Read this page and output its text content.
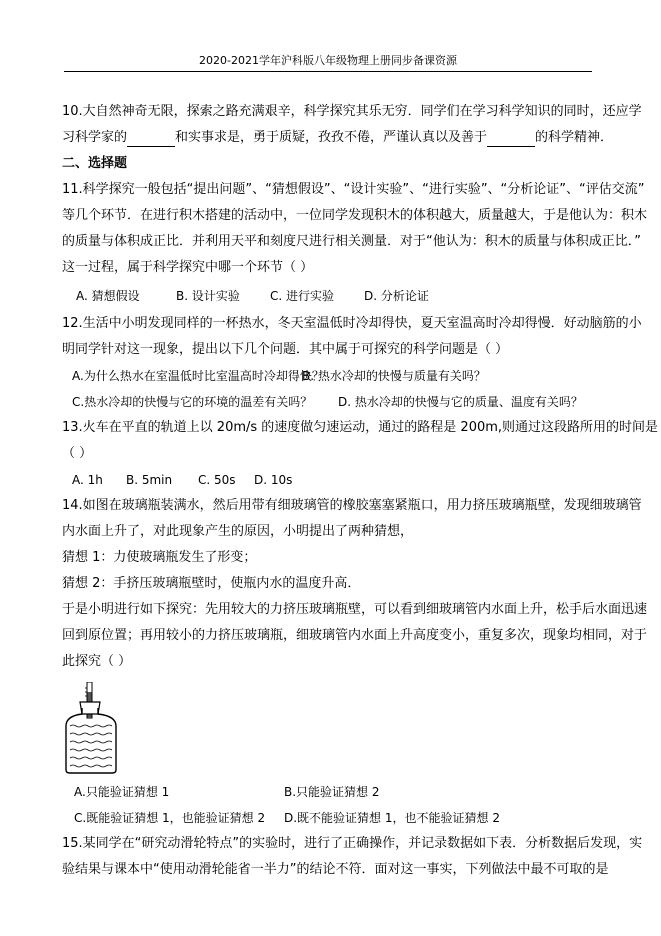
2020-2021学年沪科版八年级物理上册同步备课资源
10.大自然神奇无限，探索之路充满艰辛，科学探究其乐无穷．同学们在学习科学知识的同时，还应学
习科学家的	和实事求是，勇于质疑，孜孜不倦，严谨认真以及善于	的科学精神．
二、选择题
11.科学探究一般包括“提出问题”、“猜想假设”、“设计实验”、“进行实验”、“分析论证”、“评估交流”
等几个环节．在进行积木搭建的活动中，一位同学发现积木的体积越大，质量越大，于是他认为：积木
的质量与体积成正比．并利用天平和刻度尺进行相关测量．对于“他认为：积木的质量与体积成正比．”
这一过程，属于科学探究中哪一个环节（ ）
A. 猜想假设	B. 设计实验	C. 进行实验 D. 分析论证
12.生活中小明发现同样的一杯热水，冬天室温低时冷却得快，夏天室温高时冷却得慢．好动脑筋的小
明同学针对这一现象，提出以下几个问题．其中属于可探究的科学问题是（ ）
A.为什么热水在室温低时比室温高时冷却得快？
B. 热水冷却的快慢与质量有关吗？
C.热水冷却的快慢与它的环境的温差有关吗？ D. 热水冷却的快慢与它的质量、温度有关吗？
13.火车在平直的轨道上以 20m/s 的速度做匀速运动，通过的路程是 200m,则通过这段路所用的时间是
（ ）
A. 1h B. 5min C. 50s D. 10s
14.如图在玻璃瓶装满水，然后用带有细玻璃管的橡胶塞塞紧瓶口，用力挤压玻璃瓶壁，发现细玻璃管
内水面上升了，对此现象产生的原因，小明提出了两种猜想，
猜想 1：力使玻璃瓶发生了形变；
猜想 2：手挤压玻璃瓶壁时，使瓶内水的温度升高．
于是小明进行如下探究：先用较大的力挤压玻璃瓶壁，可以看到细玻璃管内水面上升，松手后水面迅速
回到原位置；再用较小的力挤压玻璃瓶，细玻璃管内水面上升高度变小，重复多次，现象均相同，对于
此探究（ ）
A.只能验证猜想 1	B.只能验证猜想 2
C.既能验证猜想 1，也能验证猜想 2 D.既不能验证猜想 1，也不能验证猜想 2
15.某同学在“研究动滑轮特点”的实验时，进行了正确操作，并记录数据如下表．分析数据后发现，实
验结果与课本中“使用动滑轮能省一半力”的结论不符．面对这一事实，下列做法中最不可取的是
